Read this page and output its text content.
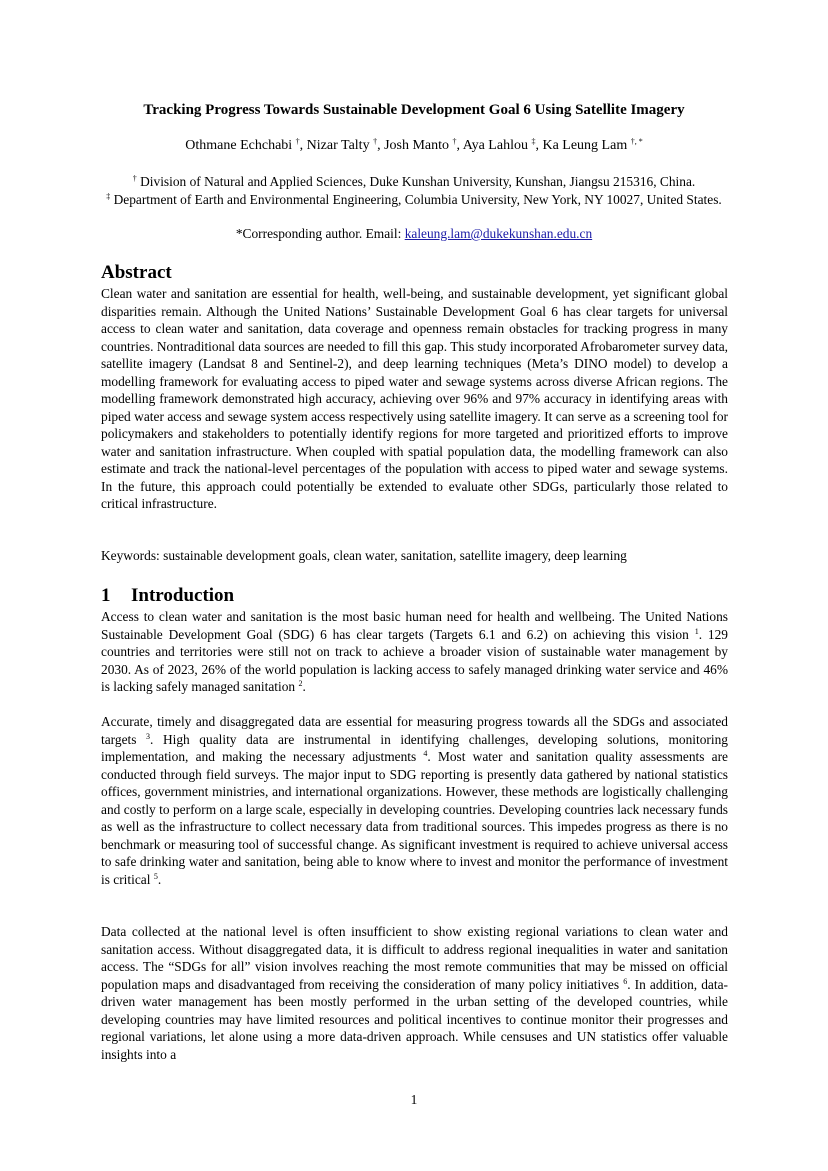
Tracking Progress Towards Sustainable Development Goal 6 Using Satellite Imagery
Othmane Echchabi †, Nizar Talty †, Josh Manto †, Aya Lahlou ‡, Ka Leung Lam †, *
† Division of Natural and Applied Sciences, Duke Kunshan University, Kunshan, Jiangsu 215316, China.
‡ Department of Earth and Environmental Engineering, Columbia University, New York, NY 10027, United States.
*Corresponding author. Email: kaleung.lam@dukekunshan.edu.cn
Abstract
Clean water and sanitation are essential for health, well-being, and sustainable development, yet significant global disparities remain. Although the United Nations’ Sustainable Development Goal 6 has clear targets for universal access to clean water and sanitation, data coverage and openness remain obstacles for tracking progress in many countries. Nontraditional data sources are needed to fill this gap. This study incorporated Afrobarometer survey data, satellite imagery (Landsat 8 and Sentinel-2), and deep learning techniques (Meta’s DINO model) to develop a modelling framework for evaluating access to piped water and sewage systems across diverse African regions. The modelling framework demonstrated high accuracy, achieving over 96% and 97% accuracy in identifying areas with piped water access and sewage system access respectively using satellite imagery. It can serve as a screening tool for policymakers and stakeholders to potentially identify regions for more targeted and prioritized efforts to improve water and sanitation infrastructure. When coupled with spatial population data, the modelling framework can also estimate and track the national-level percentages of the population with access to piped water and sewage systems. In the future, this approach could potentially be extended to evaluate other SDGs, particularly those related to critical infrastructure.
Keywords: sustainable development goals, clean water, sanitation, satellite imagery, deep learning
1 Introduction
Access to clean water and sanitation is the most basic human need for health and wellbeing. The United Nations Sustainable Development Goal (SDG) 6 has clear targets (Targets 6.1 and 6.2) on achieving this vision $^1$. 129 countries and territories were still not on track to achieve a broader vision of sustainable water management by 2030. As of 2023, 26% of the world population is lacking access to safely managed drinking water service and 46% is lacking safely managed sanitation $^2$.
Accurate, timely and disaggregated data are essential for measuring progress towards all the SDGs and associated targets $^3$. High quality data are instrumental in identifying challenges, developing solutions, monitoring implementation, and making the necessary adjustments $^4$. Most water and sanitation quality assessments are conducted through field surveys. The major input to SDG reporting is presently data gathered by national statistics offices, government ministries, and international organizations. However, these methods are logistically challenging and costly to perform on a large scale, especially in developing countries. Developing countries lack necessary funds as well as the infrastructure to collect necessary data from traditional sources. This impedes progress as there is no benchmark or measuring tool of successful change. As significant investment is required to achieve universal access to safe drinking water and sanitation, being able to know where to invest and monitor the performance of investment is critical $^5$.
Data collected at the national level is often insufficient to show existing regional variations to clean water and sanitation access. Without disaggregated data, it is difficult to address regional inequalities in water and sanitation access. The “SDGs for all” vision involves reaching the most remote communities that may be missed on official population maps and disadvantaged from receiving the consideration of many policy initiatives $^6$. In addition, data-driven water management has been mostly performed in the urban setting of the developed countries, while developing countries may have limited resources and political incentives to continue monitor their progresses and regional variations, let alone using a more data-driven approach. While censuses and UN statistics offer valuable insights into a
1
